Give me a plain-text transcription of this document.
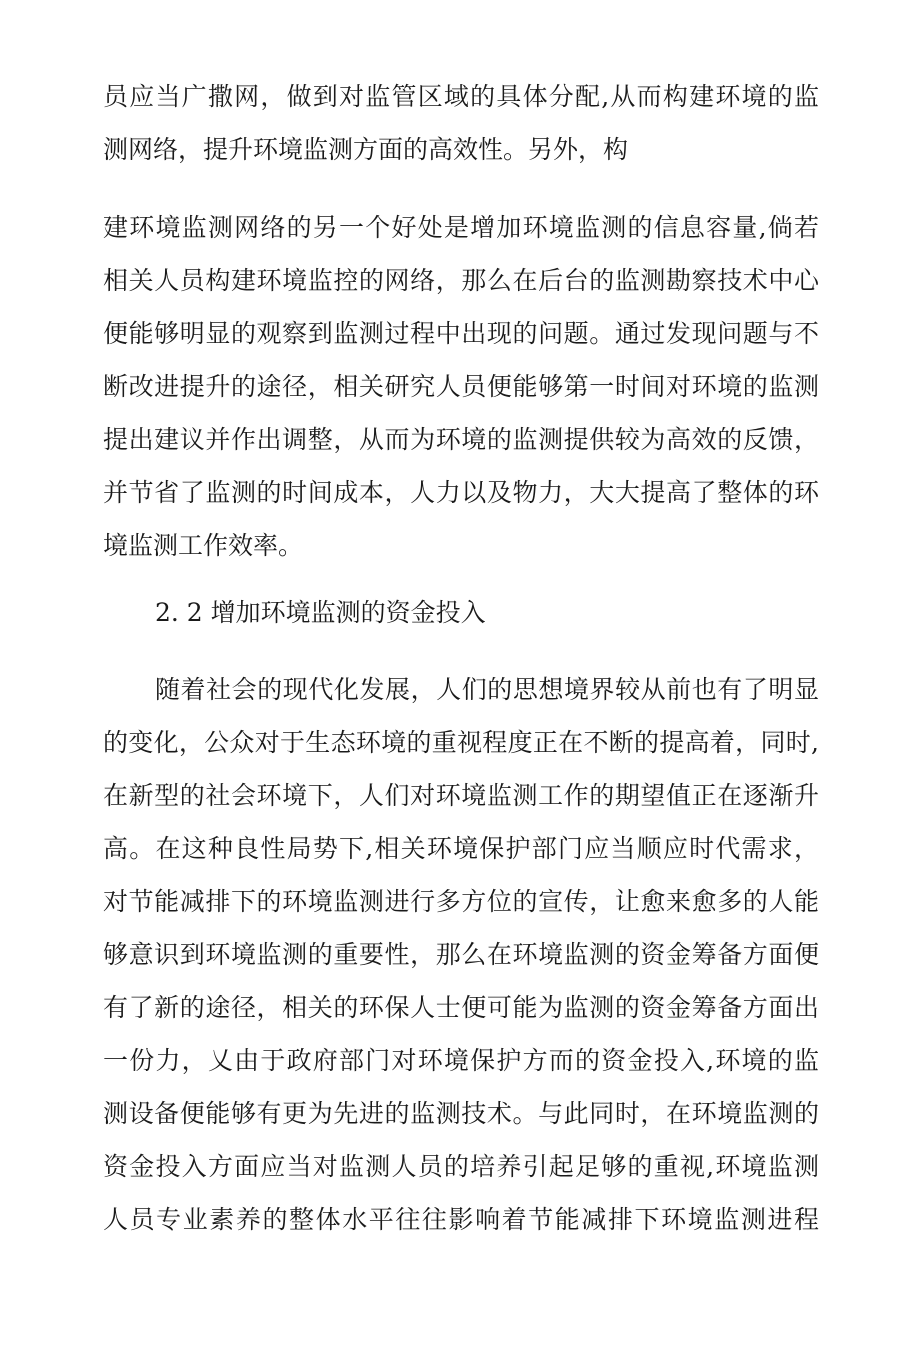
员应当广撒网，做到对监管区域的具体分配,从而构建环境的监
测网络，提升环境监测方面的高效性。另外，构
建环境监测网络的另一个好处是增加环境监测的信息容量,倘若
相关人员构建环境监控的网络，那么在后台的监测勘察技术中心
便能够明显的观察到监测过程中出现的问题。通过发现问题与不
断改进提升的途径，相关研究人员便能够第一时间对环境的监测
提出建议并作出调整，从而为环境的监测提供较为高效的反馈，
并节省了监测的时间成本，人力以及物力，大大提高了整体的环
境监测工作效率。
2. 2 增加环境监测的资金投入
随着社会的现代化发展，人们的思想境界较从前也有了明显
的变化，公众对于生态环境的重视程度正在不断的提高着，同时,
在新型的社会环境下，人们对环境监测工作的期望值正在逐渐升
高。在这种良性局势下,相关环境保护部门应当顺应时代需求，
对节能减排下的环境监测进行多方位的宣传，让愈来愈多的人能
够意识到环境监测的重要性，那么在环境监测的资金筹备方面便
有了新的途径，相关的环保人士便可能为监测的资金筹备方面出
一份力，乂由于政府部门对环境保护方而的资金投入,环境的监
测设备便能够有更为先进的监测技术。与此同时，在环境监测的
资金投入方面应当对监测人员的培养引起足够的重视,环境监测
人员专业素养的整体水平往往影响着节能减排下环境监测进程
